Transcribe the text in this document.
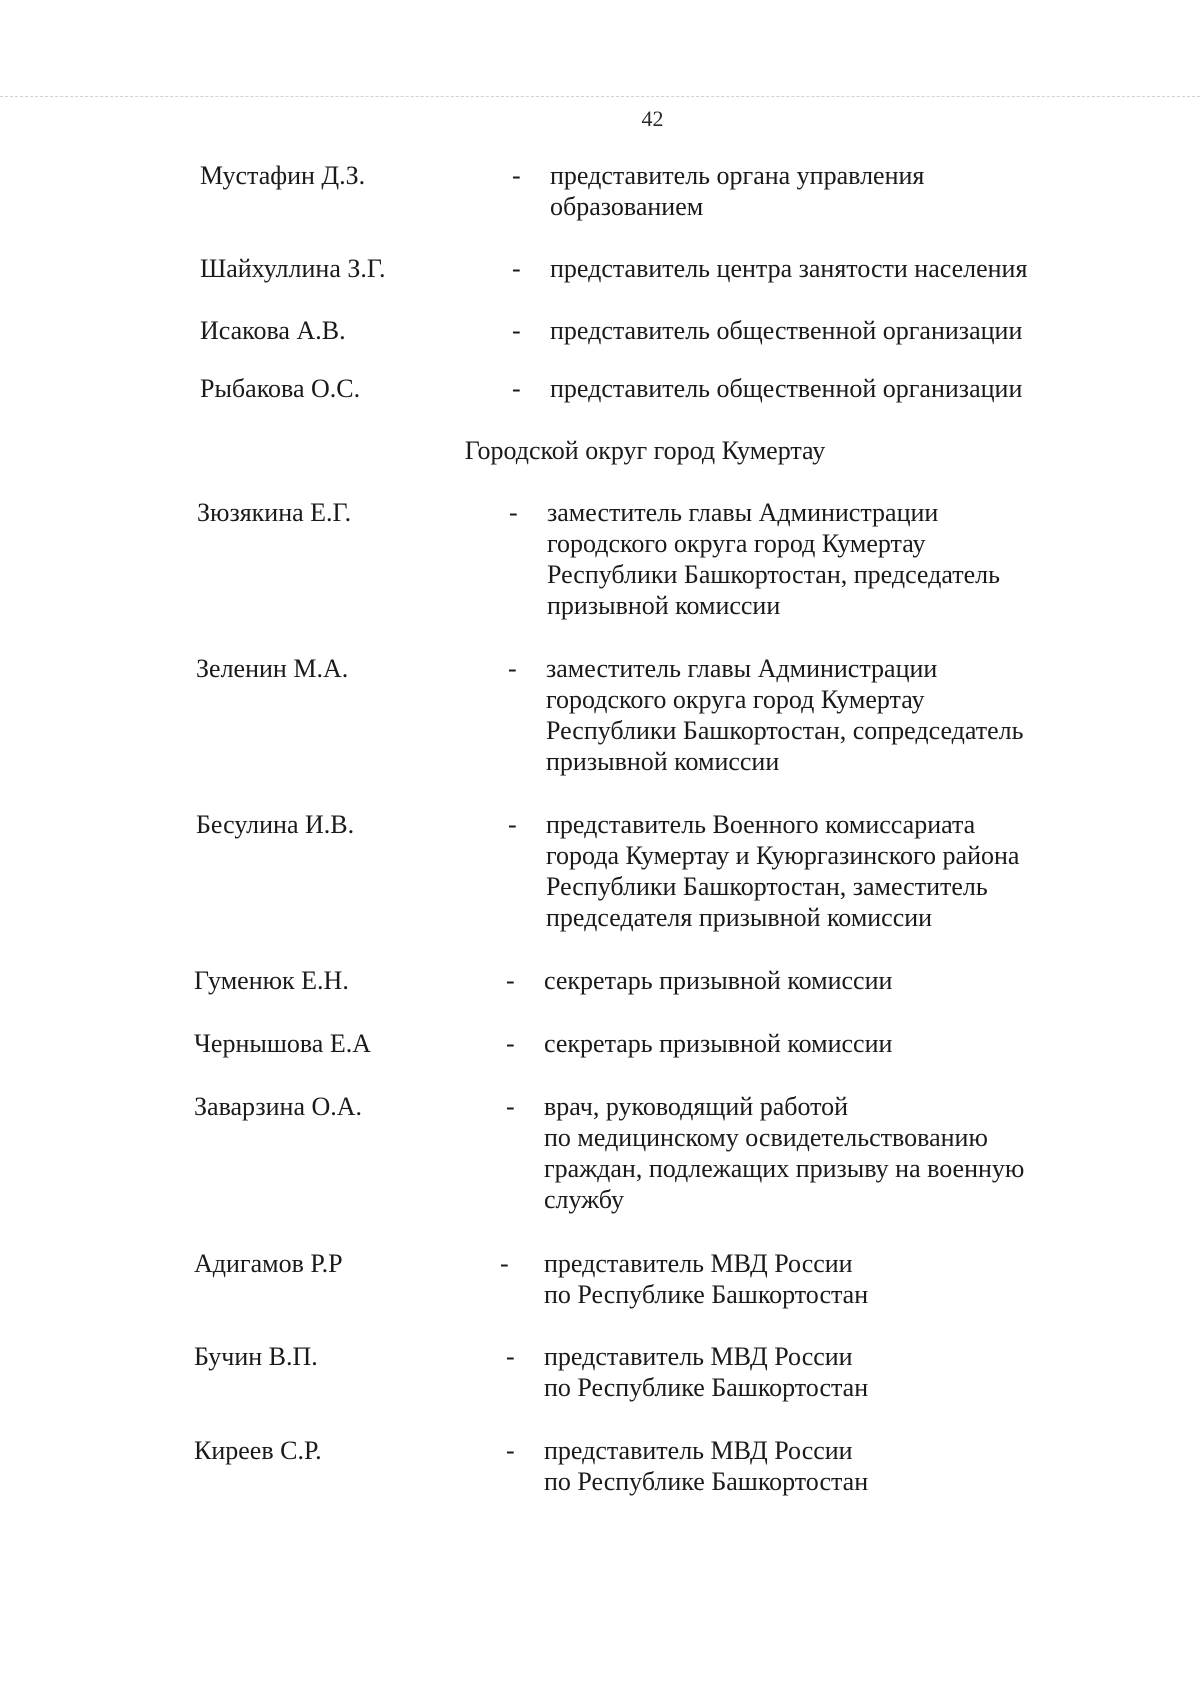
42
Мустафин Д.З.	- представитель органа управления
образованием
Шайхуллина З.Г.	- представитель центра занятости населения
Исакова А.В.	- представитель общественной организации
Рыбакова О.С.	- представитель общественной организации
Городской округ город Кумертау
Зюзякина Е.Г.	- заместитель главы Администрации
городского округа город Кумертау
Республики Башкортостан, председатель
призывной комиссии
Зеленин М.А.	- заместитель главы Администрации
городского округа город Кумертау
Республики Башкортостан, сопредседатель
призывной комиссии
Бесулина И.В.	- представитель Военного комиссариата
города Кумертау и Куюргазинского района
Республики Башкортостан, заместитель
председателя призывной комиссии
Гуменюк Е.Н.	- секретарь призывной комиссии
Чернышова Е.А	- секретарь призывной комиссии
Заварзина О.А.	- врач, руководящий работой
по медицинскому освидетельствованию
граждан, подлежащих призыву на военную
службу
Адигамов Р.Р	- представитель МВД России
по Республике Башкортостан
Бучин В.П.	- представитель МВД России
по Республике Башкортостан
Киреев С.Р.	- представитель МВД России
по Республике Башкортостан
